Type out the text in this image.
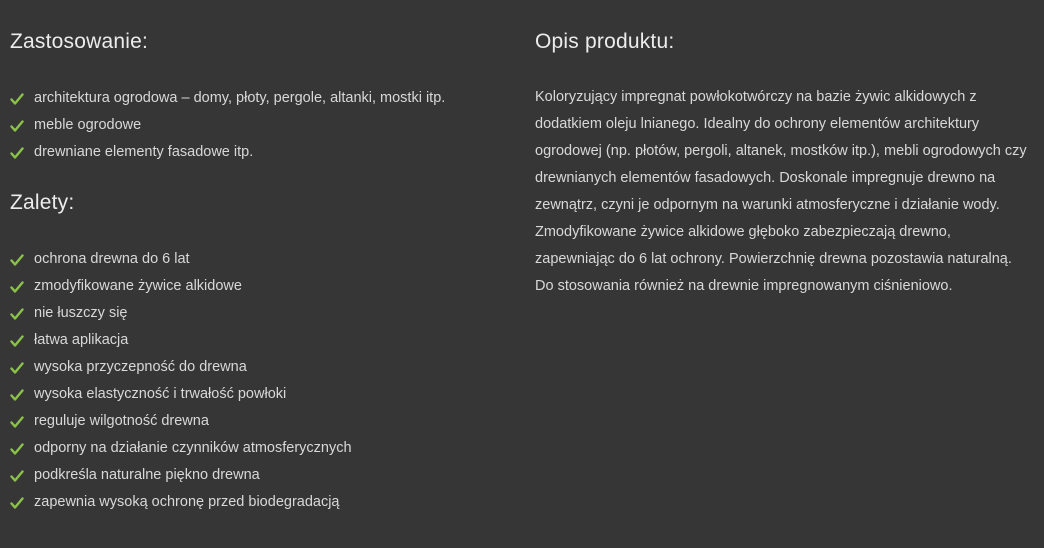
Zastosowanie:
architektura ogrodowa – domy, płoty, pergole, altanki, mostki itp.
meble ogrodowe
drewniane elementy fasadowe itp.
Zalety:
ochrona drewna do 6 lat
zmodyfikowane żywice alkidowe
nie łuszczy się
łatwa aplikacja
wysoka przyczepność do drewna
wysoka elastyczność i trwałość powłoki
reguluje wilgotność drewna
odporny na działanie czynników atmosferycznych
podkreśla naturalne piękno drewna
zapewnia wysoką ochronę przed biodegradacją
Opis produktu:

Koloryzujący impregnat powłokotwórczy na bazie żywic alkidowych z dodatkiem oleju lnianego. Idealny do ochrony elementów architektury ogrodowej (np. płotów, pergoli, altanek, mostków itp.), mebli ogrodowych czy drewnianych elementów fasadowych. Doskonale impregnuje drewno na zewnątrz, czyni je odpornym na warunki atmosferyczne i działanie wody. Zmodyfikowane żywice alkidowe głęboko zabezpieczają drewno, zapewniając do 6 lat ochrony. Powierzchnię drewna pozostawia naturalną. Do stosowania również na drewnie impregnowanym ciśnieniowo.
